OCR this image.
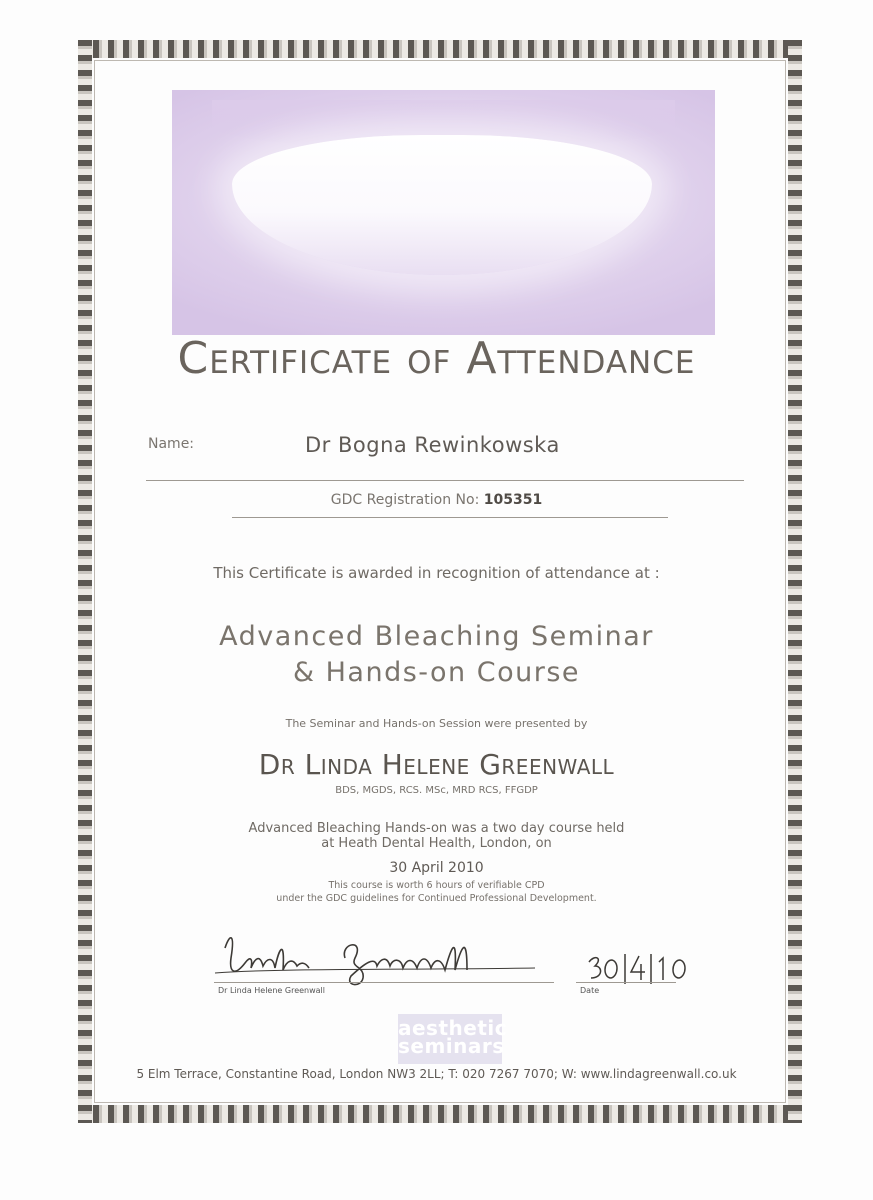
Certificate of Attendance
Name:	Dr Bogna Rewinkowska
GDC Registration No: 105351
This Certificate is awarded in recognition of attendance at :
Advanced Bleaching Seminar
& Hands-on Course
The Seminar and Hands-on Session were presented by
Dr Linda Helene Greenwall
BDS, MGDS, RCS. MSc, MRD RCS, FFGDP
Advanced Bleaching Hands-on was a two day course held
at Heath Dental Health, London, on
30 April 2010
This course is worth 6 hours of verifiable CPD
under the GDC guidelines for Continued Professional Development.
Dr Linda Helene Greenwall	Date
aesthetic
seminars
5 Elm Terrace, Constantine Road, London NW3 2LL; T: 020 7267 7070; W: www.lindagreenwall.co.uk
